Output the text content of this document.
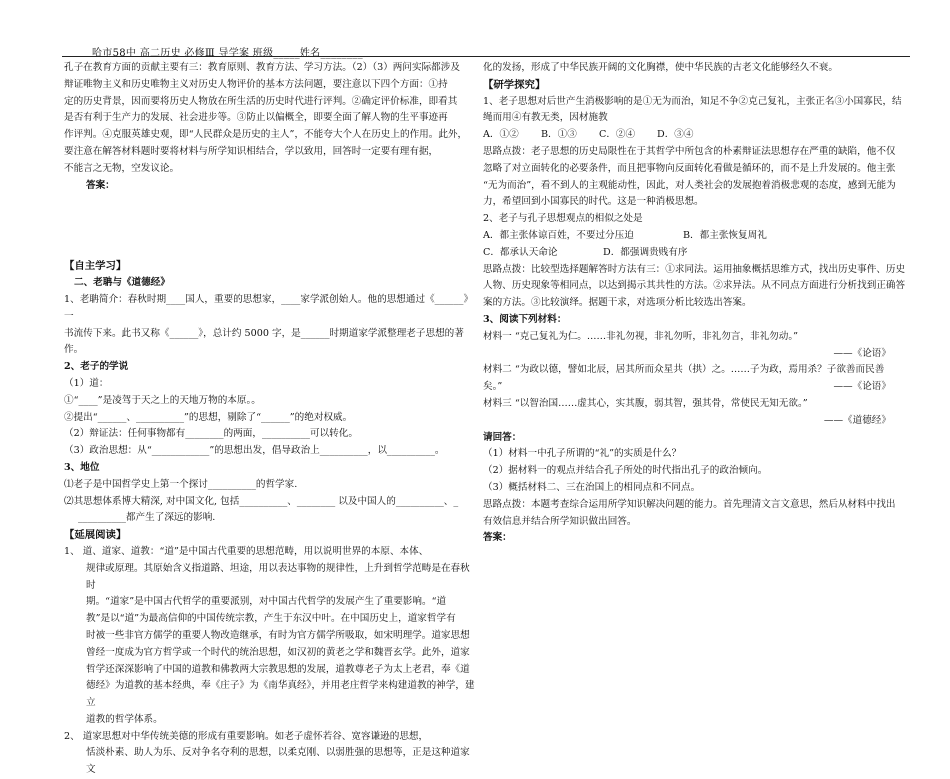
哈市58中 高二历史 必修Ⅲ 导学案 班级_____姓名________

孔子在教育方面的贡献主要有三：教育原则、教育方法、学习方法。（2）（3）两问实际都涉及

辩证唯物主义和历史唯物主义对历史人物评价的基本方法问题，要注意以下四个方面：①持

定的历史背景，因而要将历史人物放在所生活的历史时代进行评判。②确定评价标准，即看其

是否有利于生产力的发展、社会进步等。③防止以偏概全，即要全面了解人物的生平事迹再

作评判。④克服英雄史观，即“人民群众是历史的主人”，不能夸大个人在历史上的作用。此外，

要注意在解答材料题时要将材料与所学知识相结合，学以致用，回答时一定要有理有据，

不能言之无物，空发议论。

答案：

【自主学习】

二、老聃与《道德经》

1、老聃简介：春秋时期____国人，重要的思想家，____家学派创始人。他的思想通过《______》一

书流传下来。此书又称《______》，总计约 5000 字，是______时期道家学派整理老子思想的著作。

2、老子的学说

（1）道：

①“____”是凌驾于天之上的天地万物的本原。。

②提出“______、__________”的思想，剔除了“______”的绝对权威。

（2）辩证法：任何事物都有________的两面，__________可以转化。

（3）政治思想：从“____________”的思想出发，倡导政治上__________，以__________。

3、地位

⑴老子是中国哲学史上第一个探讨__________的哲学家.

⑵其思想体系博大精深, 对中国文化, 包括__________、________ 以及中国人的__________、_

__________都产生了深远的影响.

【延展阅读】

1、 道、道家、道教：“道”是中国古代重要的思想范畴，用以说明世界的本原、本体、

规律或原理。其原始含义指道路、坦途，用以表达事物的规律性，上升到哲学范畴是在春秋时

期。“道家”是中国古代哲学的重要派别，对中国古代哲学的发展产生了重要影响。“道

教”是以“道”为最高信仰的中国传统宗教，产生于东汉中叶。在中国历史上，道家哲学有

时被一些非官方儒学的重要人物改造继承，有时为官方儒学所吸取，如宋明理学。道家思想

曾经一度成为官方哲学或一个时代的统治思想，如汉初的黄老之学和魏晋玄学。此外，道家

哲学还深深影响了中国的道教和佛教两大宗教思想的发展，道教尊老子为太上老君，奉《道

德经》为道教的基本经典，奉《庄子》为《南华真经》，并用老庄哲学来构建道教的神学，建立

道教的哲学体系。

2、 道家思想对中华传统美德的形成有重要影响。如老子虚怀若谷、宽容谦逊的思想，

恬淡朴素、助人为乐、反对争名夺利的思想，以柔克刚、以弱胜强的思想等，正是这种道家文

化的发扬，形成了中华民族开阔的文化胸襟，使中华民族的古老文化能够经久不衰。

【研学探究】

1、老子思想对后世产生消极影响的是①无为而治，知足不争②克己复礼，主张正名③小国寡民，结

绳而用④有教无类，因材施教

A．①② B．①③ C．②④ D．③④

思路点拨：老子思想的历史局限性在于其哲学中所包含的朴素辩证法思想存在严重的缺陷，他不仅

忽略了对立面转化的必要条件，而且把事物向反面转化看做是循环的，而不是上升发展的。他主张

“无为而治”，看不到人的主观能动性，因此，对人类社会的发展抱着消极悲观的态度，感到无能为

力，希望回到小国寡民的时代。这是一种消极思想。

2、老子与孔子思想观点的相似之处是

A．都主张体谅百姓，不要过分压迫	B．都主张恢复周礼

C．都承认天命论	D．都强调贵贱有序

思路点拨：比较型选择题解答时方法有三：①求同法。运用抽象概括思维方式，找出历史事件、历史

人物、历史现象等相同点，以达到揭示其共性的方法。②求异法。从不同点方面进行分析找到正确答

案的方法。③比较演绎。据题干求，对选项分析比较选出答案。

3、阅读下列材料：

材料一 “克己复礼为仁。……非礼勿视，非礼勿听，非礼勿言，非礼勿动。”

——《论语》

材料二 “为政以德，譬如北辰，居其所而众星共（拱）之。……子为政，焉用杀？子欲善而民善

矣。”	——《论语》

材料三 “以智治国……虚其心，实其腹，弱其智，强其骨，常使民无知无欲。”

——《道德经》

请回答：

（1）材料一中孔子所谓的“礼”的实质是什么？

（2）据材料一的观点并结合孔子所处的时代指出孔子的政治倾向。

（3）概括材料二、三在治国上的相同点和不同点。

思路点拨：本题考查综合运用所学知识解决问题的能力。首先理清文言文意思，然后从材料中找出

有效信息并结合所学知识做出回答。

答案：
